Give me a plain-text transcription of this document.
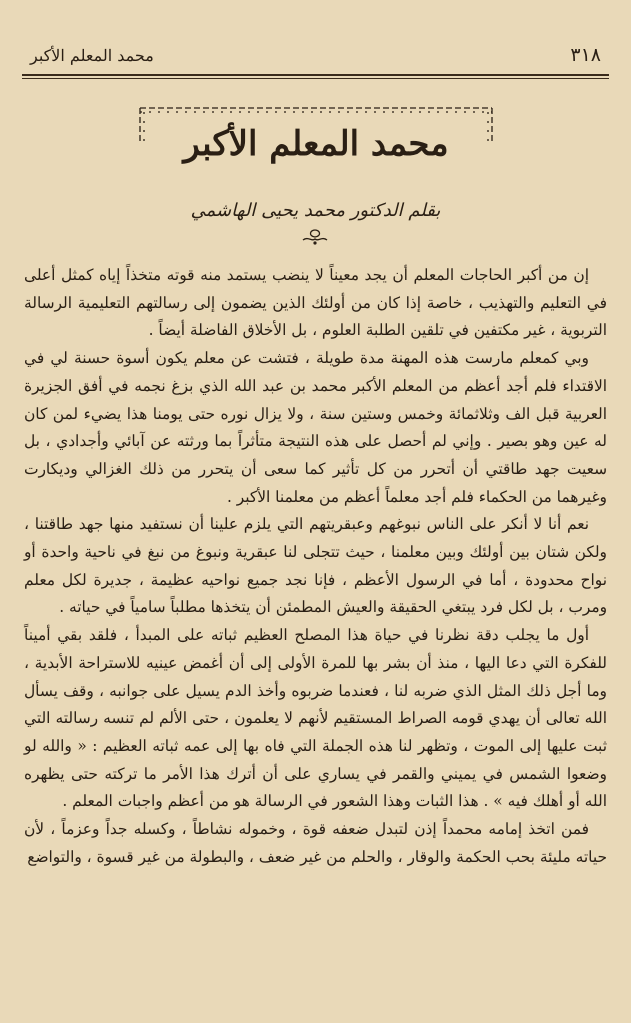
٣١٨
محمد المعلم الأكبر
محمد المعلم الأكبر
بقلم الدكتور محمد يحيى الهاشمي

إن من أكبر الحاجات المعلم أن يجد معيناً لا ينضب يستمد منه قوته متخذاً إياه كمثل أعلى في التعليم والتهذيب ، خاصة إذا كان من أولئك الذين يضمون إلى رسالتهم التعليمية الرسالة التربوية ، غير مكتفين في تلقين الطلبة العلوم ، بل الأخلاق الفاضلة أيضاً .

وبي كمعلم مارست هذه المهنة مدة طويلة ، فتشت عن معلم يكون أسوة حسنة لي في الاقتداء فلم أجد أعظم من المعلم الأكبر محمد بن عبد الله الذي بزغ نجمه في أفق الجزيرة العربية قبل الف وثلاثمائة وخمس وستين سنة ، ولا يزال نوره حتى يومنا هذا يضيء لمن كان له عين وهو بصير . وإني لم أحصل على هذه النتيجة متأثراً بما ورثته عن آبائي وأجدادي ، بل سعيت جهد طاقتي أن أتحرر من كل تأثير كما سعى أن يتحرر من ذلك الغزالي وديكارت وغيرهما من الحكماء فلم أجد معلماً أعظم من معلمنا الأكبر .

نعم أنا لا أنكر على الناس نبوغهم وعبقريتهم التي يلزم علينا أن نستفيد منها جهد طاقتنا ، ولكن شتان بين أولئك وبين معلمنا ، حيث تتجلى لنا عبقرية ونبوغ من نبغ في ناحية واحدة أو نواح محدودة ، أما في الرسول الأعظم ، فإنا نجد جميع نواحيه عظيمة ، جديرة لكل معلم ومرب ، بل لكل فرد يبتغي الحقيقة والعيش المطمئن أن يتخذها مطلباً سامياً في حياته .

أول ما يجلب دقة نظرنا في حياة هذا المصلح العظيم ثباته على المبدأ ، فلقد بقي أميناً للفكرة التي دعا اليها ، منذ أن بشر بها للمرة الأولى إلى أن أغمض عينيه للاستراحة الأبدية ، وما أجل ذلك المثل الذي ضربه لنا ، فعندما ضربوه وأخذ الدم يسيل على جوانبه ، وقف يسأل الله تعالى أن يهدي قومه الصراط المستقيم لأنهم لا يعلمون ، حتى الألم لم تنسه رسالته التي ثبت عليها إلى الموت ، وتظهر لنا هذه الجملة التي فاه بها إلى عمه ثباته العظيم : « والله لو وضعوا الشمس في يميني والقمر في يساري على أن أترك هذا الأمر ما تركته حتى يظهره الله أو أهلك فيه » . هذا الثبات وهذا الشعور في الرسالة هو من أعظم واجبات المعلم .

فمن اتخذ إمامه محمداً إذن لتبدل ضعفه قوة ، وخموله نشاطاً ، وكسله جداً وعزماً ، لأن حياته مليئة بحب الحكمة والوقار ، والحلم من غير ضعف ، والبطولة من غير قسوة ، والتواضع
